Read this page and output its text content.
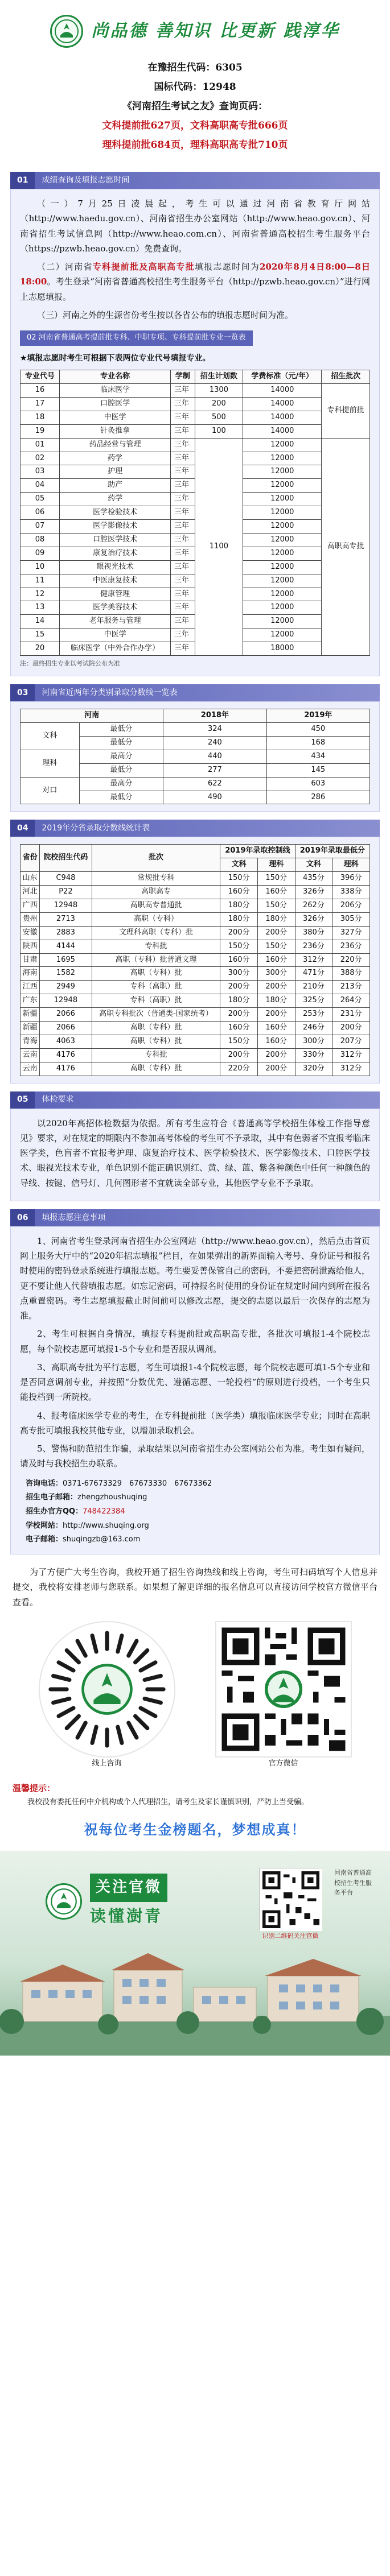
尚品德 善知识 比更新 践淳华
在豫招生代码：6305
国标代码：12948
《河南招生考试之友》查询页码：
文科提前批627页，文科高职高专批666页
理科提前批684页，理科高职高专批710页
01	成绩查询及填报志愿时间

（一）7月25日凌晨起，考生可以通过河南省教育厅网站（http://www.haedu.gov.cn）、河南省招生办公室网站（http://www.heao.gov.cn）、河南省招生考试信息网（http://www.heao.com.cn）、河南省普通高校招生考生服务平台（https://pzwb.heao.gov.cn）免费查询。

（二）河南省专科提前批及高职高专批填报志愿时间为2020年8月4日8:00—8日18:00。考生登录“河南省普通高校招生考生服务平台（http://pzwb.heao.gov.cn）”进行网上志愿填报。

（三）河南之外的生源省份考生按以各省公布的填报志愿时间为准。

02 河南省普通高考提前批专科、中职专项、专科提前批专业一览表
★填报志愿时考生可根据下表两位专业代号填报专业。
专业代号	专业名称	学制	招生计划数	学费标准（元/年）	招生批次
16	临床医学	三年	1300	14000	专科提前批
17	口腔医学	三年	200	14000	
18	中医学	三年	500	14000	
19	针灸推拿	三年	100	14000	
01	药品经营与管理	三年	1100	12000	高职高专批
02	药学	三年		12000	
03	护理	三年		12000	
04	助产	三年		12000	
05	药学	三年		12000	
06	医学检验技术	三年		12000	
07	医学影像技术	三年		12000	
08	口腔医学技术	三年		12000	
09	康复治疗技术	三年		12000	
10	眼视光技术	三年		12000	
11	中医康复技术	三年		12000	
12	健康管理	三年		12000	
13	医学美容技术	三年		12000	
14	老年服务与管理	三年		12000	
15	中医学	三年		12000	
20	临床医学（中外合作办学）	三年		18000	
注：最终招生专业以考试院公布为准
03	河南省近两年分类别录取分数线一览表
河南		2018年	2019年
文科	最低分	324	450
	最低分	240	168
理科	最高分	440	434
	最低分	277	145
对口	最高分	622	603
	最低分	490	286
04	2019年分省录取分数线统计表
省份	院校招生代码	批次	2019年录取控制线		2019年录取最低分	
			文科	理科	文科	理科
山东	C948	常规批专科	150分	150分	435分	396分
河北	P22	高职高专	160分	160分	326分	338分
广西	12948	高职高专普通批	180分	150分	262分	206分
贵州	2713	高职（专科）	180分	180分	326分	305分
安徽	2883	文理科高职（专科）批	200分	200分	380分	327分
陕西	4144	专科批	150分	150分	236分	236分
甘肃	1695	高职（专科）批普通文理	160分	160分	312分	220分
海南	1582	高职（专科）批	300分	300分	471分	388分
江西	2949	专科（高职）批	200分	200分	210分	213分
广东	12948	专科（高职）批	180分	180分	325分	264分
新疆	2066	高职专科批次（普通类-国家统考）	200分	200分	253分	231分
新疆	2066	高职（专科）批	160分	160分	246分	200分
青海	4063	高职（专科）批	150分	160分	300分	207分
云南	4176	专科批	200分	200分	330分	312分
云南	4176	高职（专科）批	220分	200分	320分	312分
05	体检要求

以2020年高招体检数据为依据。所有考生应符合《普通高等学校招生体检工作指导意见》要求，对在规定的期限内不参加高考体检的考生可不予录取，其中有色弱者不宜报考临床医学类，色盲者不宜报考护理、康复治疗技术、医学检验技术、医学影像技术、口腔医学技术、眼视光技术专业，单色识别不能正确识别红、黄、绿、蓝、紫各种颜色中任何一种颜色的导线、按键、信号灯、几何图形者不宜就读全部专业，其他医学专业不予录取。

06	填报志愿注意事项

1、河南省考生登录河南省招生办公室网站（http://www.heao.gov.cn），然后点击首页网上服务大厅中的“2020年招志填报”栏目，在如果弹出的新界面输入考号、身份证号和报名时使用的密码登录系统进行填报志愿。考生要妥善保管自己的密码，不要把密码泄露给他人，更不要让他人代替填报志愿。如忘记密码，可持报名时使用的身份证在规定时间内到所在报名点重置密码。考生志愿填报截止时间前可以修改志愿，提交的志愿以最后一次保存的志愿为准。

2、考生可根据自身情况，填报专科提前批或高职高专批，各批次可填报1-4个院校志愿，每个院校志愿可填报1-5个专业和是否服从调剂。

3、高职高专批为平行志愿，考生可填报1-4个院校志愿，每个院校志愿可填1-5个专业和是否同意调剂专业，并按照“分数优先、遵循志愿、一轮投档”的原则进行投档，一个考生只能投档到一所院校。

4、报考临床医学专业的考生，在专科提前批（医学类）填报临床医学专业；同时在高职高专批可填报我校其他专业，以增加录取机会。

5、警惕和防范招生诈骗，录取结果以河南省招生办公室网站公布为准。考生如有疑问，请及时与我校招生办联系。

咨询电话：0371-67673329　67673330　67673362
招生电子邮箱：zhengzhoushuqing
招生办官方QQ：748422384
学校网站：http://www.shuqing.org
电子邮箱：shuqingzb@163.com
为了方便广大考生咨询，我校开通了招生咨询热线和线上咨询，考生可扫码填写个人信息并提交，我校将安排老师与您联系。如果想了解更详细的报名信息可以直接访问学校官方微信平台查看。
线上咨询	官方微信
温馨提示：

我校没有委托任何中介机构或个人代理招生，请考生及家长谨慎识别，严防上当受骗。

祝每位考生金榜题名，梦想成真！
关注官微
读懂澍青
识别二维码关注官微
河南省普通高校招生考生服务平台
